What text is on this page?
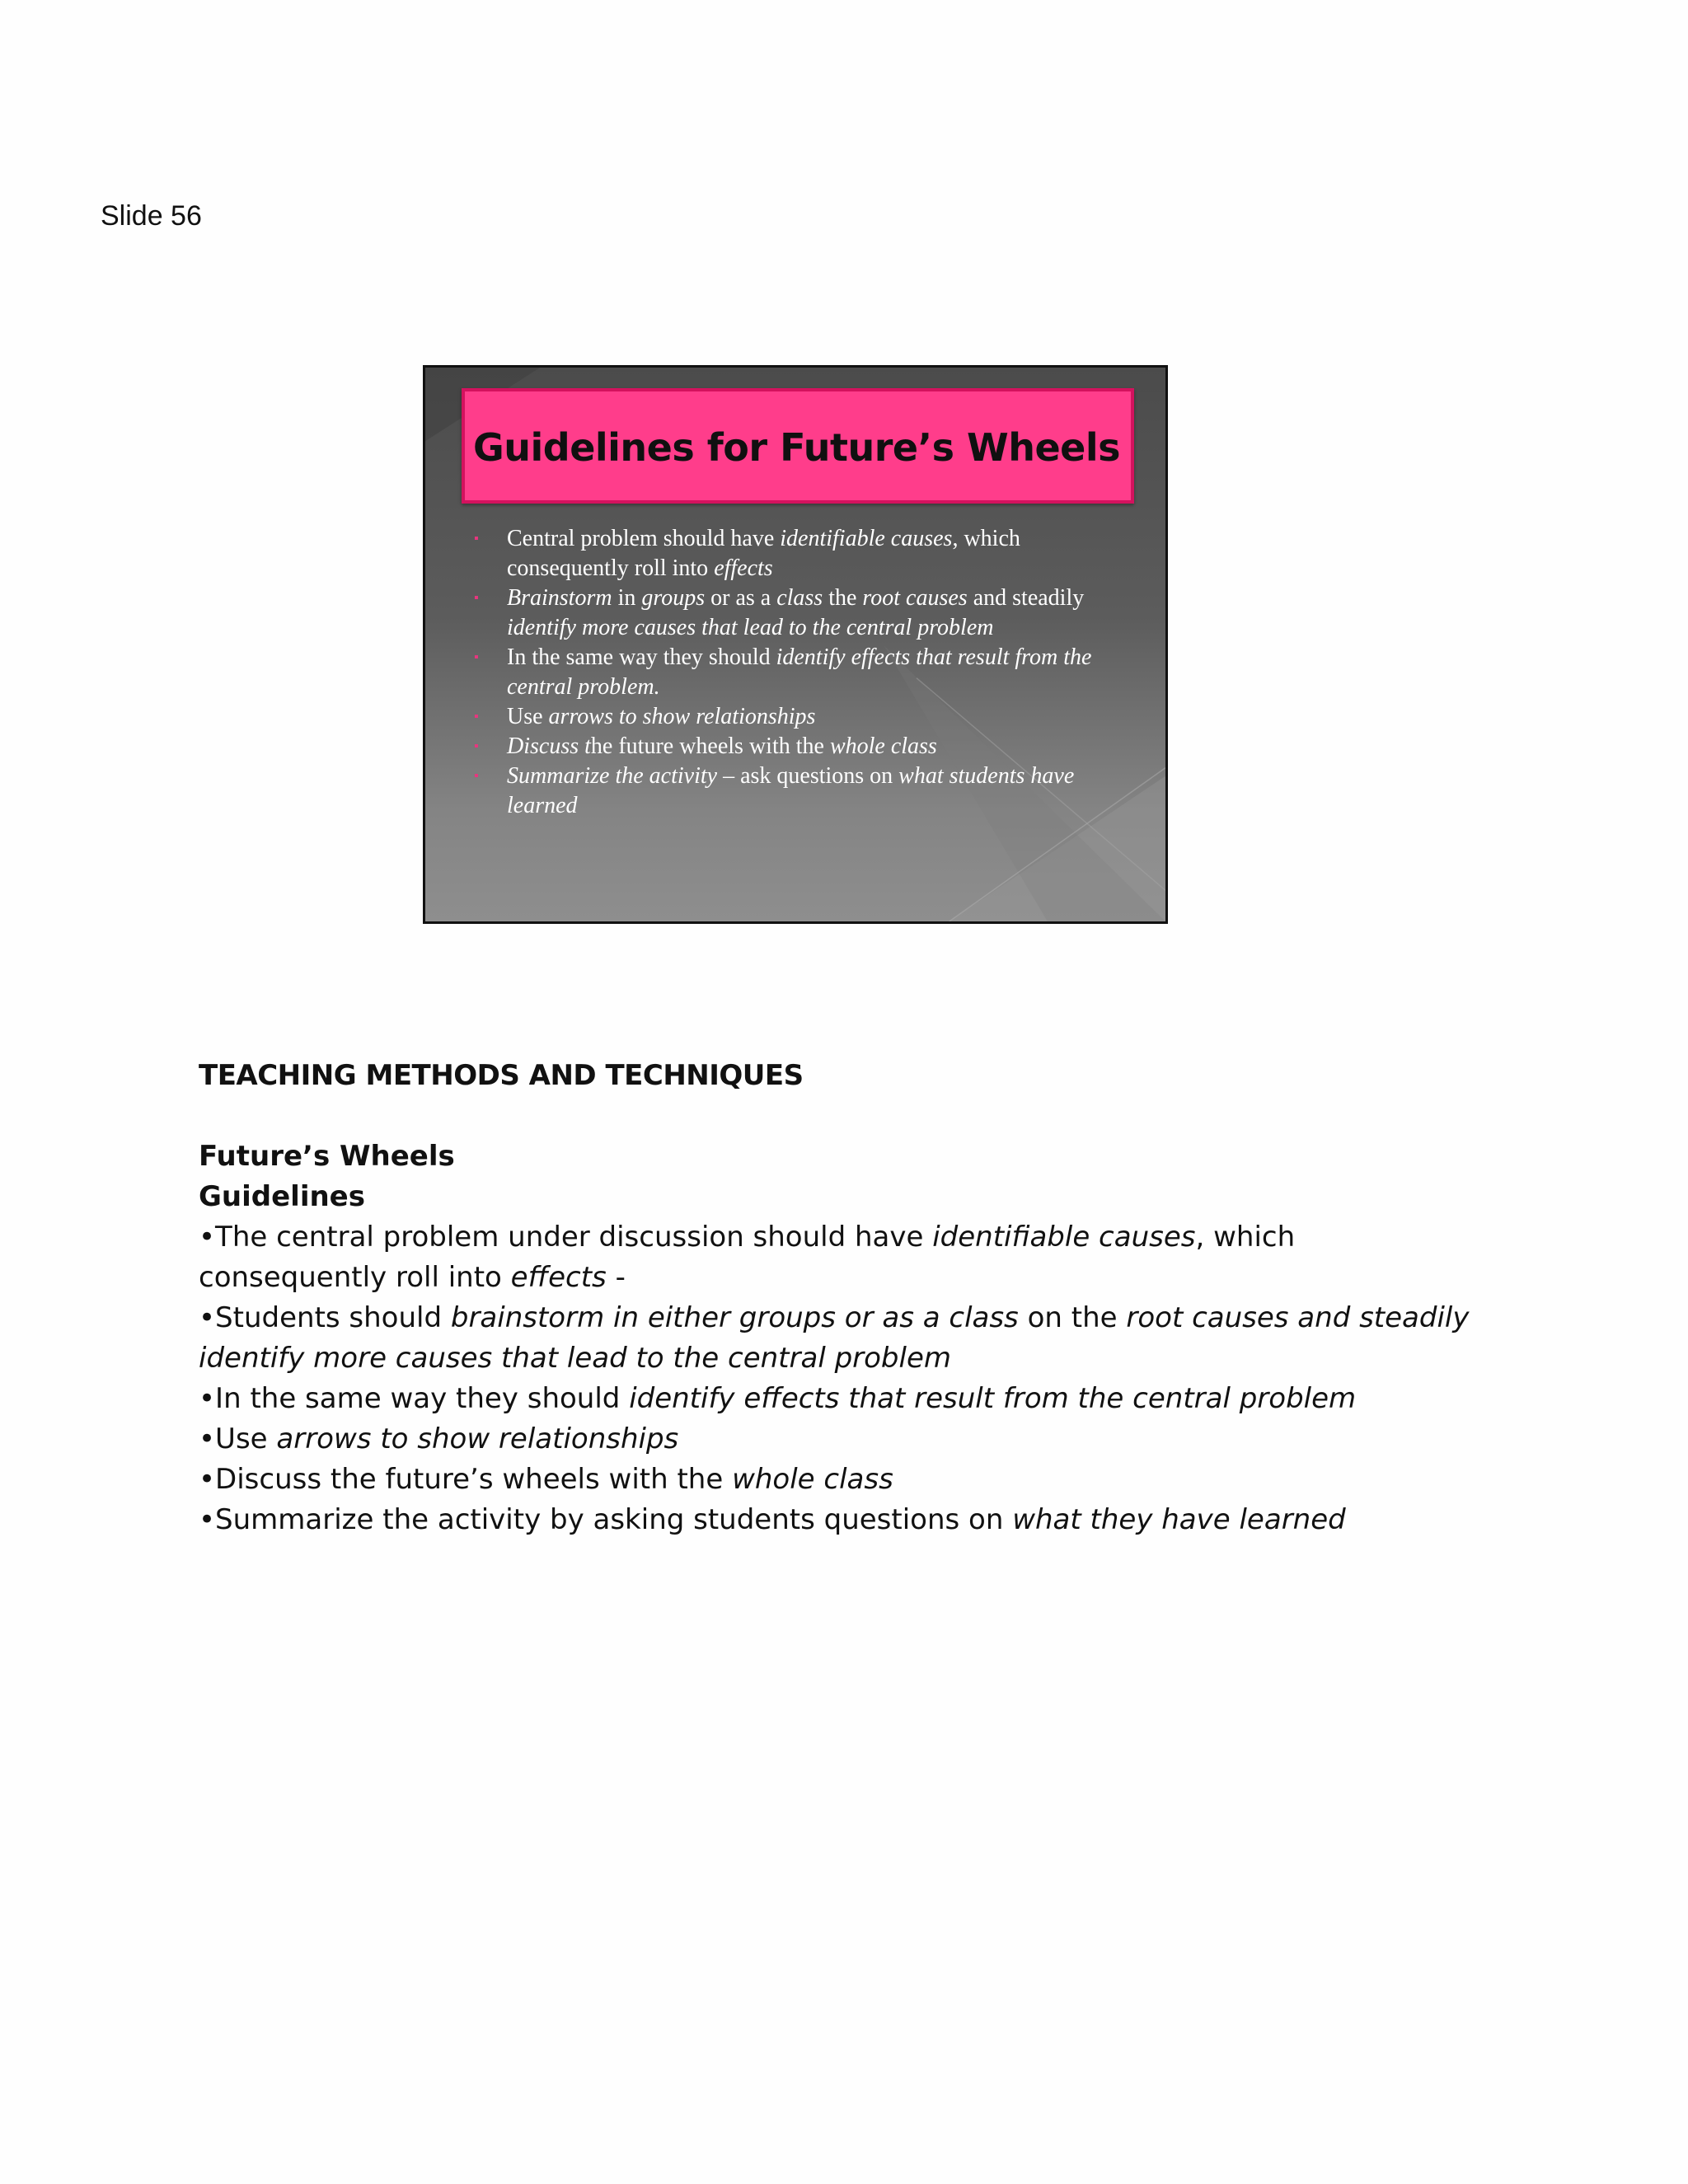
Slide 56
Guidelines for Future’s Wheels
▪ Central problem should have identifiable causes, which consequently roll into effects
▪ Brainstorm in groups or as a class the root causes and steadily identify more causes that lead to the central problem
▪ In the same way they should identify effects that result from the central problem.
▪ Use arrows to show relationships
▪ Discuss the future wheels with the whole class
▪ Summarize the activity – ask questions on what students have learned

TEACHING METHODS AND TECHNIQUES

Future’s Wheels

Guidelines

•The central problem under discussion should have identifiable causes, which consequently roll into effects -
•Students should brainstorm in either groups or as a class on the root causes and steadily identify more causes that lead to the central problem
•In the same way they should identify effects that result from the central problem
•Use arrows to show relationships
•Discuss the future’s wheels with the whole class
•Summarize the activity by asking students questions on what they have learned
